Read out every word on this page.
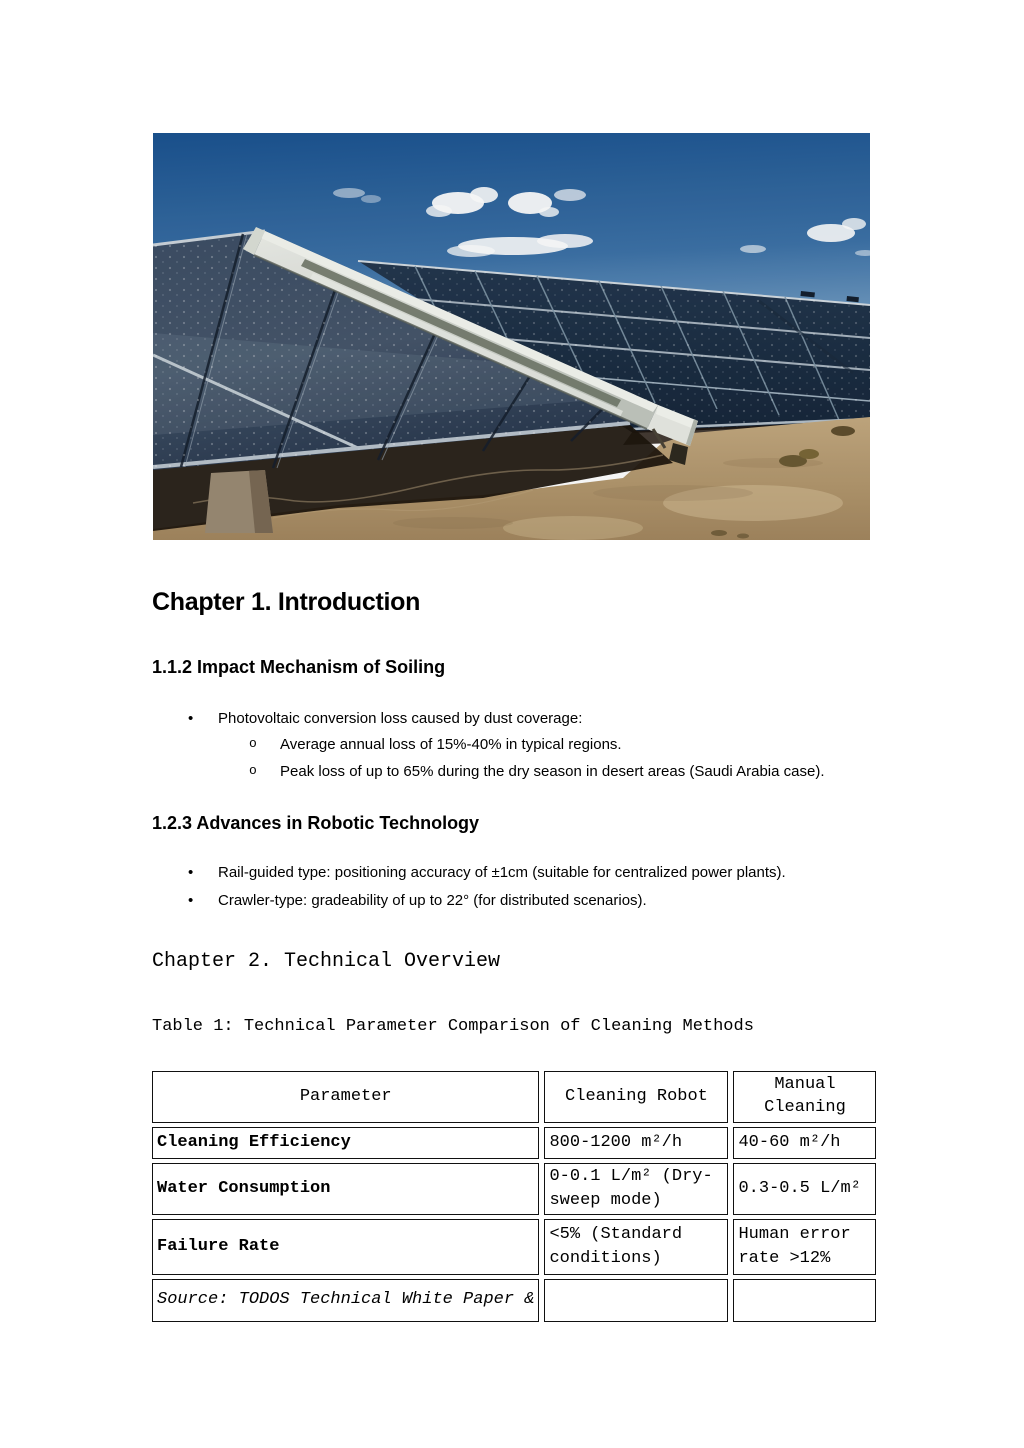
Chapter 1. Introduction
1.1.2 Impact Mechanism of Soiling
•	Photovoltaic conversion loss caused by dust coverage:
o	Average annual loss of 15%-40% in typical regions.
o	Peak loss of up to 65% during the dry season in desert areas (Saudi Arabia case).
1.2.3 Advances in Robotic Technology
•	Rail-guided type: positioning accuracy of ±1cm (suitable for centralized power plants).
•	Crawler-type: gradeability of up to 22° (for distributed scenarios).
Chapter 2. Technical Overview
Table 1: Technical Parameter Comparison of Cleaning Methods
Parameter	Cleaning Robot	Manual Cleaning
Cleaning Efficiency	800-1200 m²/h	40-60 m²/h
Water Consumption	0-0.1 L/m² (Dry-sweep mode)	0.3-0.5 L/m²
Failure Rate	<5% (Standard conditions)	Human error rate >12%
Source: TODOS Technical White Paper &		
